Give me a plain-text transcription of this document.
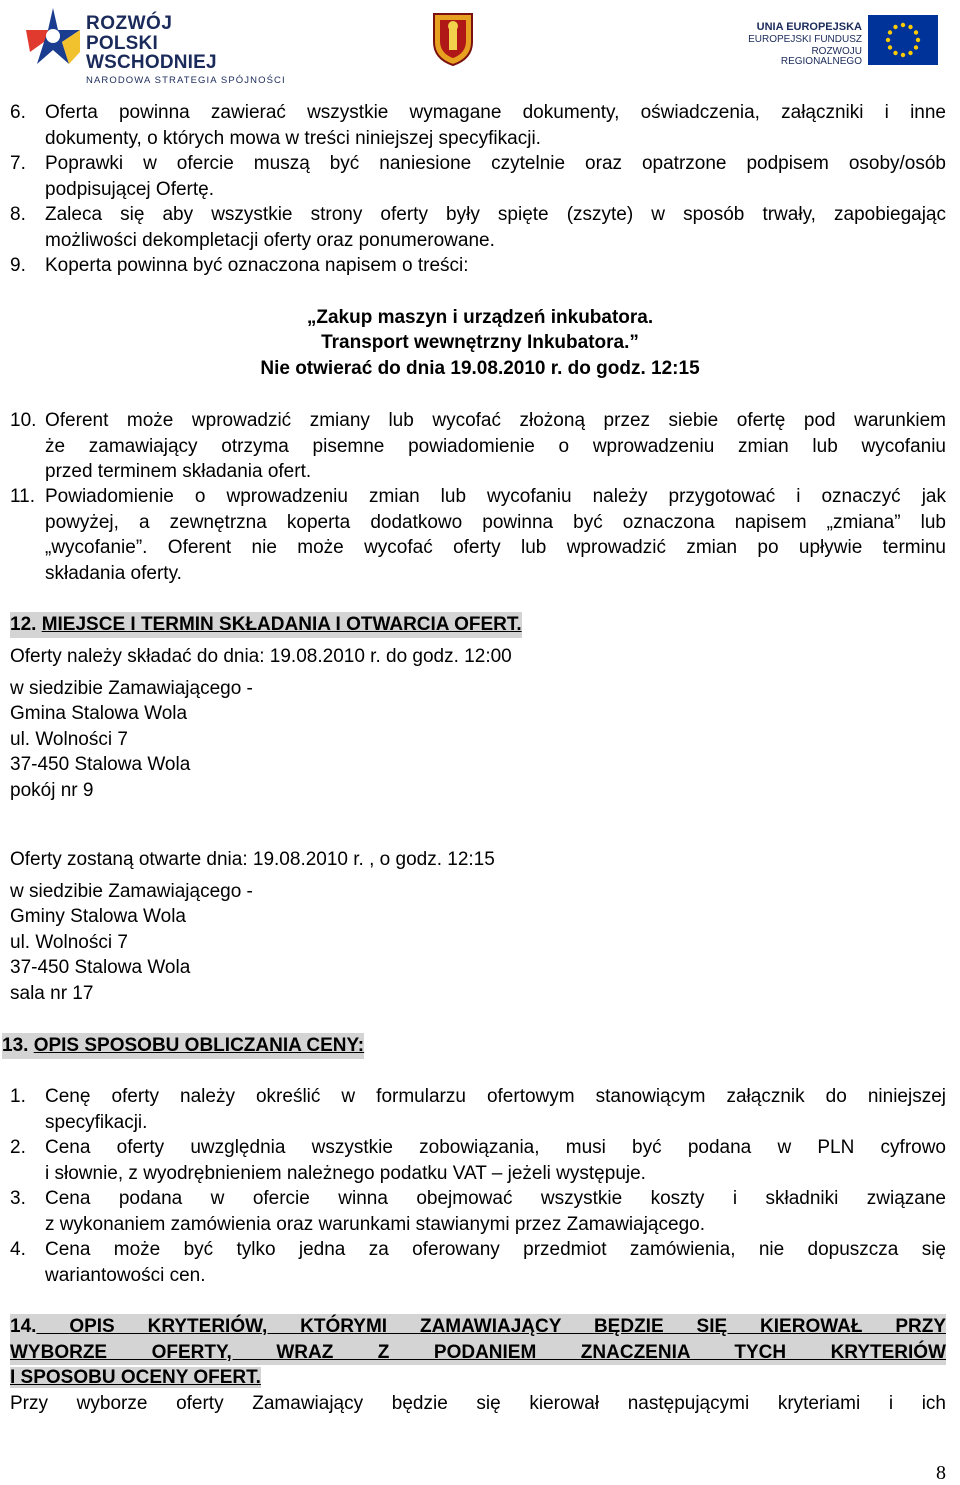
ROZWÓJ
POLSKI WSCHODNIEJ
NARODOWA STRATEGIA SPÓJNOŚCI
UNIA EUROPEJSKA
EUROPEJSKI FUNDUSZ
ROZWOJU REGIONALNEGO
6. Oferta powinna zawierać wszystkie wymagane dokumenty, oświadczenia, załączniki i inne
dokumenty, o których mowa w treści niniejszej specyfikacji.
7. Poprawki w ofercie muszą być naniesione czytelnie oraz opatrzone podpisem osoby/osób
podpisującej Ofertę.
8. Zaleca się aby wszystkie strony oferty były spięte (zszyte) w sposób trwały, zapobiegając
możliwości dekompletacji oferty oraz ponumerowane.
9. Koperta powinna być oznaczona napisem o treści:
„Zakup maszyn i urządzeń inkubatora.
Transport wewnętrzny Inkubatora.”
Nie otwierać do dnia 19.08.2010 r. do godz. 12:15
10. Oferent może wprowadzić zmiany lub wycofać złożoną przez siebie ofertę pod warunkiem
że zamawiający otrzyma pisemne powiadomienie o wprowadzeniu zmian lub wycofaniu
przed terminem składania ofert.
11. Powiadomienie o wprowadzeniu zmian lub wycofaniu należy przygotować i oznaczyć jak
powyżej, a zewnętrzna koperta dodatkowo powinna być oznaczona napisem „zmiana” lub
„wycofanie”. Oferent nie może wycofać oferty lub wprowadzić zmian po upływie terminu
składania oferty.
12. MIEJSCE I TERMIN SKŁADANIA I OTWARCIA OFERT.
Oferty należy składać do dnia: 19.08.2010 r. do godz. 12:00
w siedzibie Zamawiającego -
Gmina Stalowa Wola
ul. Wolności 7
37-450 Stalowa Wola
pokój nr 9
Oferty zostaną otwarte dnia: 19.08.2010 r. , o godz. 12:15
w siedzibie Zamawiającego -
Gminy Stalowa Wola
ul. Wolności 7
37-450 Stalowa Wola
sala nr 17
13. OPIS SPOSOBU OBLICZANIA CENY:
1. Cenę oferty należy określić w formularzu ofertowym stanowiącym załącznik do niniejszej
specyfikacji.
2. Cena oferty uwzględnia wszystkie zobowiązania, musi być podana w PLN cyfrowo
i słownie, z wyodrębnieniem należnego podatku VAT – jeżeli występuje.
3. Cena podana w ofercie winna obejmować wszystkie koszty i składniki związane
z wykonaniem zamówienia oraz warunkami stawianymi przez Zamawiającego.
4. Cena może być tylko jedna za oferowany przedmiot zamówienia, nie dopuszcza się
wariantowości cen.
14. OPIS KRYTERIÓW, KTÓRYMI ZAMAWIAJĄCY BĘDZIE SIĘ KIEROWAŁ PRZY
WYBORZE OFERTY, WRAZ Z PODANIEM ZNACZENIA TYCH KRYTERIÓW
I SPOSOBU OCENY OFERT.
Przy wyborze oferty Zamawiający będzie się kierował następującymi kryteriami i ich
8
